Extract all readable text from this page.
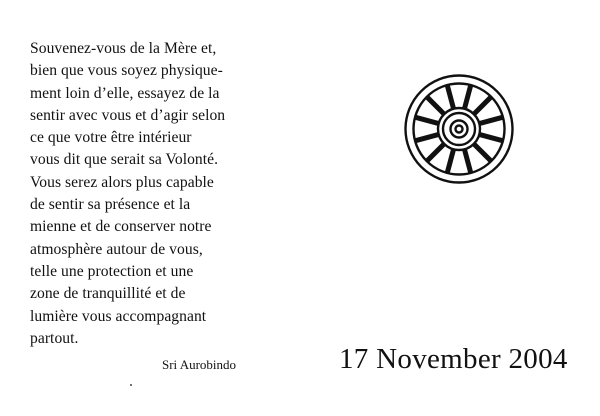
Souvenez-vous de la Mère et,
bien que vous soyez physique-
ment loin d’elle, essayez de la
sentir avec vous et d’agir selon
ce que votre être intérieur
vous dit que serait sa Volonté.
Vous serez alors plus capable
de sentir sa présence et la
mienne et de conserver notre
atmosphère autour de vous,
telle une protection et une
zone de tranquillité et de
lumière vous accompagnant
partout.
Sri Aurobindo	17 November 2004
